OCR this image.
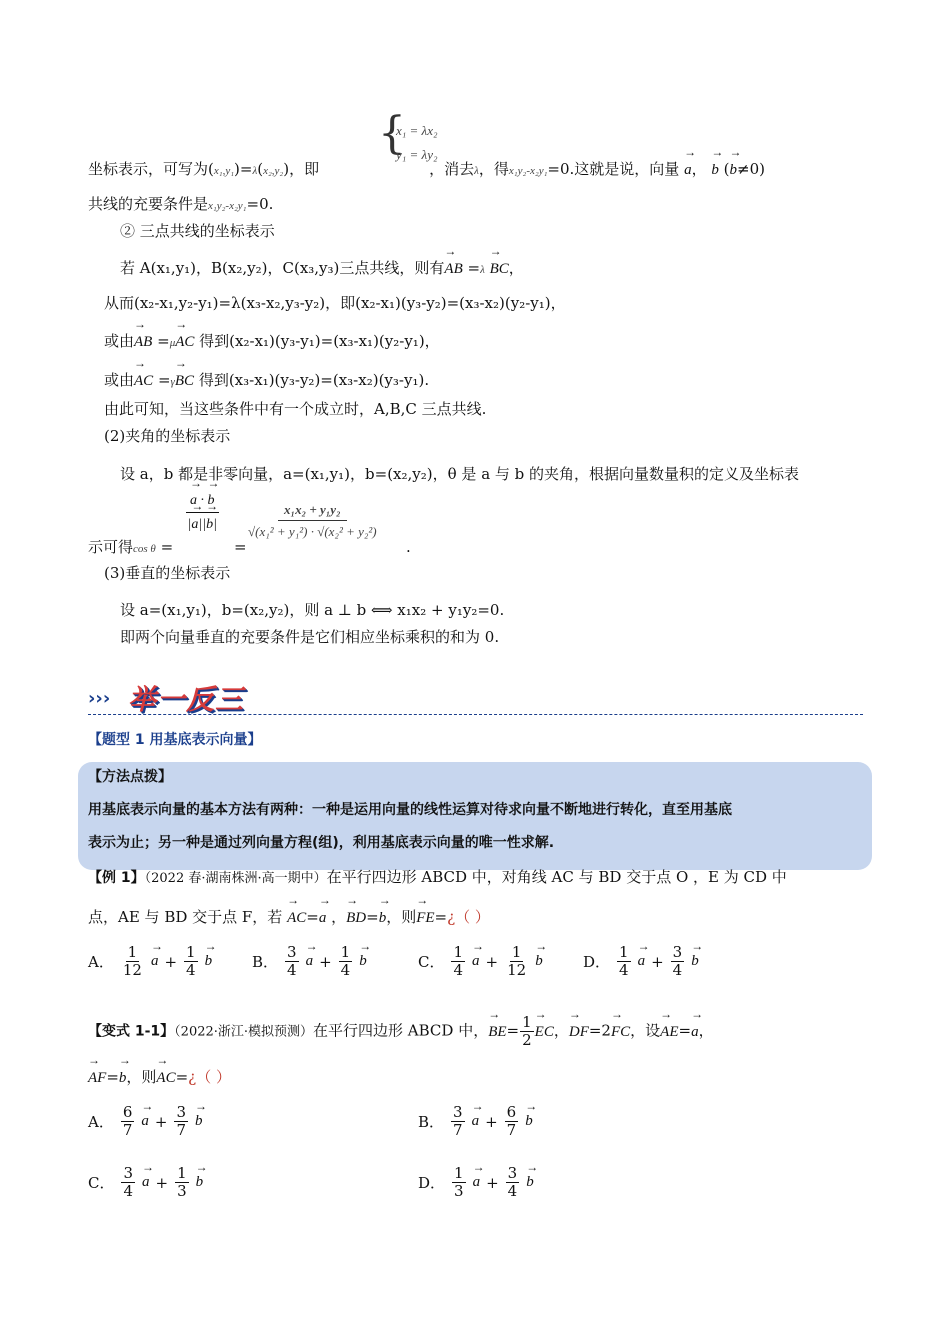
{
x₁ = λx₂
y₁ = λy₂
坐标表示，可写为(x₁,y₁)=λ(x₂,y₂)，即	，消去λ，得x₁y₂-x₂y₁=0.这就是说，向量 → a， → b (→ b≠0)
共线的充要条件是x₁y₂-x₂y₁=0.
② 三点共线的坐标表示
若 A(x₁,y₁)，B(x₂,y₂)，C(x₃,y₃)三点共线，则有→ AB =λ → BC，
从而(x₂-x₁,y₂-y₁)=λ(x₃-x₂,y₃-y₂)，即(x₂-x₁)(y₃-y₂)=(x₃-x₂)(y₂-y₁)，
或由→ AB =μ→ AC 得到(x₂-x₁)(y₃-y₁)=(x₃-x₁)(y₂-y₁)，
或由→ AC =γ→ BC 得到(x₃-x₁)(y₃-y₂)=(x₃-x₂)(y₃-y₁).
由此可知，当这些条件中有一个成立时，A,B,C 三点共线.
(2)夹角的坐标表示
设 a，b 都是非零向量，a=(x₁,y₁)，b=(x₂,y₂)，θ 是 a 与 b 的夹角，根据向量数量积的定义及坐标表
示可得cos θ =
→ a · → b
|→ a||→ b|
=
x₁x₂ + y₁y₂
√(x₁² + y₁²) · √(x₂² + y₂²)
.
(3)垂直的坐标表示
设 a=(x₁,y₁)，b=(x₂,y₂)，则 a ⊥ b ⟺ x₁x₂ + y₁y₂=0.
即两个向量垂直的充要条件是它们相应坐标乘积的和为 0.
››› 举一反三
【题型 1 用基底表示向量】
【方法点拨】
用基底表示向量的基本方法有两种：一种是运用向量的线性运算对待求向量不断地进行转化，直至用基底
表示为止；另一种是通过列向量方程(组)，利用基底表示向量的唯一性求解.
【例 1】（2022 春·湖南株洲·高一期中）在平行四边形 ABCD 中，对角线 AC 与 BD 交于点 O ，E 为 CD 中
点，AE 与 BD 交于点 F，若 → AC=→ a ，→ BD=→ b，则→ FE=¿（ ）
A． $\frac{1}{12}$
→ $a + \frac{1}{4}$
→ b	B． $\frac{3}{4}$
→ $a + \frac{1}{4}$
→ b	C． $\frac{1}{4}$
→ $a + \frac{1}{12}$
→ b	D． $\frac{1}{4}$
→ $a + \frac{3}{4}$
→ b
【变式 1-1】（2022·浙江·模拟预测）在平行四边形 ABCD 中，→ $BE= \frac{1}{2}$
→ EC，→ DF=2→ FC，设→ AE=→ a，
→ AF=→ b，则→ AC=¿（ ）
A． $\frac{6}{7}$
→ $a + \frac{3}{7}$
→ b	B． $\frac{3}{7}$
→ $a + \frac{6}{7}$
→ b
C． $\frac{3}{4}$
→ $a + \frac{1}{3}$
→ b	D． $\frac{1}{3}$
→ $a + \frac{3}{4}$
→ b
